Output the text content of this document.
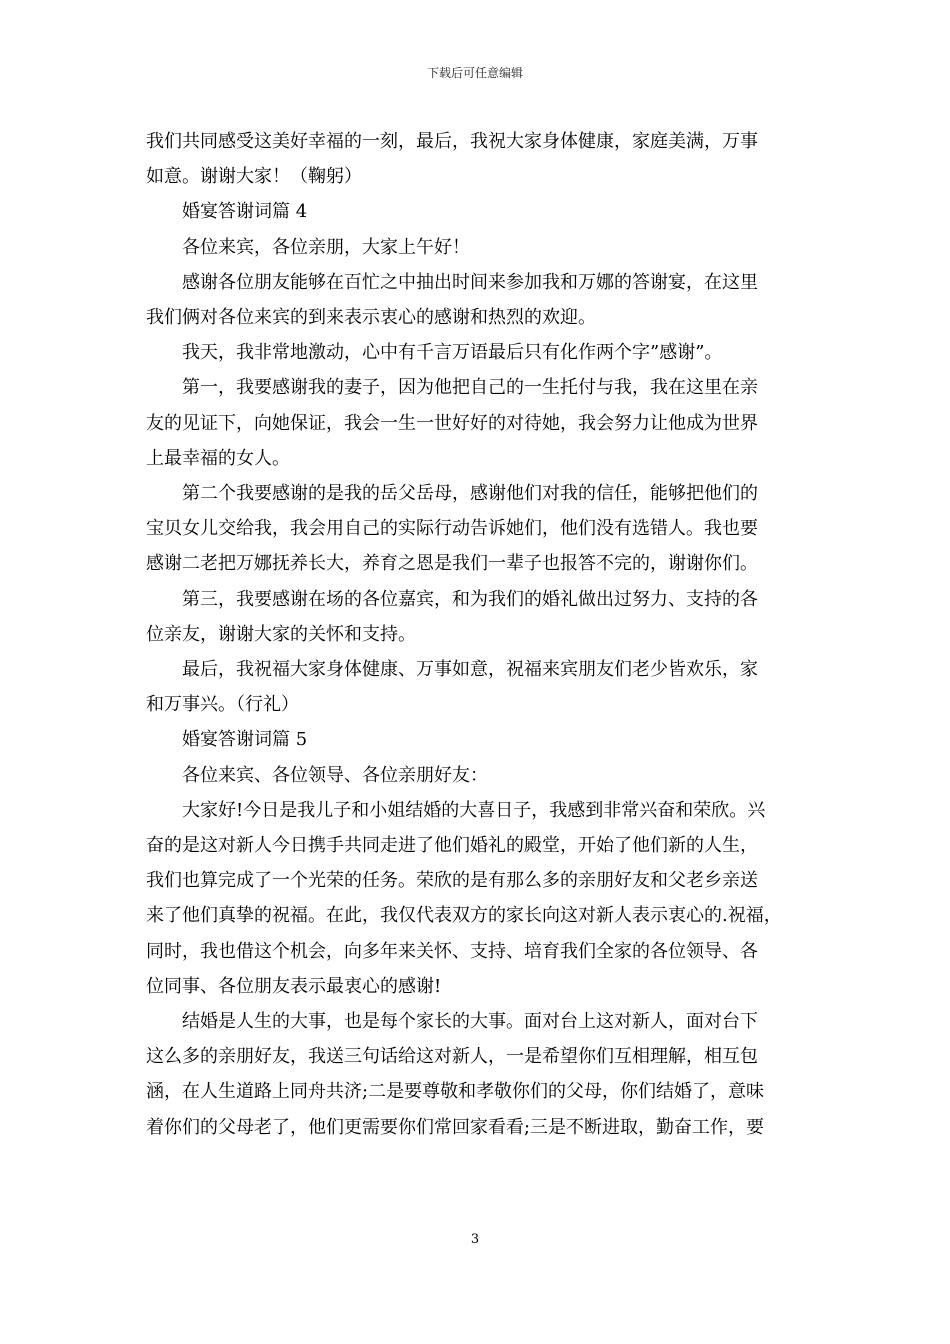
下载后可任意编辑

我们共同感受这美好幸福的一刻，最后，我祝大家身体健康，家庭美满，万事
如意。谢谢大家！（鞠躬）

　　婚宴答谢词篇 4

　　各位来宾，各位亲朋，大家上午好！

　　感谢各位朋友能够在百忙之中抽出时间来参加我和万娜的答谢宴，在这里
我们俩对各位来宾的到来表示衷心的感谢和热烈的欢迎。

　　我天，我非常地激动，心中有千言万语最后只有化作两个字”感谢”。

　　第一，我要感谢我的妻子，因为他把自己的一生托付与我，我在这里在亲
友的见证下，向她保证，我会一生一世好好的对待她，我会努力让他成为世界
上最幸福的女人。

　　第二个我要感谢的是我的岳父岳母，感谢他们对我的信任，能够把他们的
宝贝女儿交给我，我会用自己的实际行动告诉她们，他们没有选错人。我也要
感谢二老把万娜抚养长大，养育之恩是我们一辈子也报答不完的，谢谢你们。

　　第三，我要感谢在场的各位嘉宾，和为我们的婚礼做出过努力、支持的各
位亲友，谢谢大家的关怀和支持。

　　最后，我祝福大家身体健康、万事如意，祝福来宾朋友们老少皆欢乐，家
和万事兴。（行礼）

　　婚宴答谢词篇 5

　　各位来宾、各位领导、各位亲朋好友：

　　大家好!今日是我儿子和小姐结婚的大喜日子，我感到非常兴奋和荣欣。兴
奋的是这对新人今日携手共同走进了他们婚礼的殿堂，开始了他们新的人生，
我们也算完成了一个光荣的任务。荣欣的是有那么多的亲朋好友和父老乡亲送
来了他们真挚的祝福。在此，我仅代表双方的家长向这对新人表示衷心的.祝福，
同时，我也借这个机会，向多年来关怀、支持、培育我们全家的各位领导、各
位同事、各位朋友表示最衷心的感谢!

　　结婚是人生的大事，也是每个家长的大事。面对台上这对新人，面对台下
这么多的亲朋好友，我送三句话给这对新人，一是希望你们互相理解，相互包
涵，在人生道路上同舟共济;二是要尊敬和孝敬你们的父母，你们结婚了，意味
着你们的父母老了，他们更需要你们常回家看看;三是不断进取，勤奋工作，要

3
